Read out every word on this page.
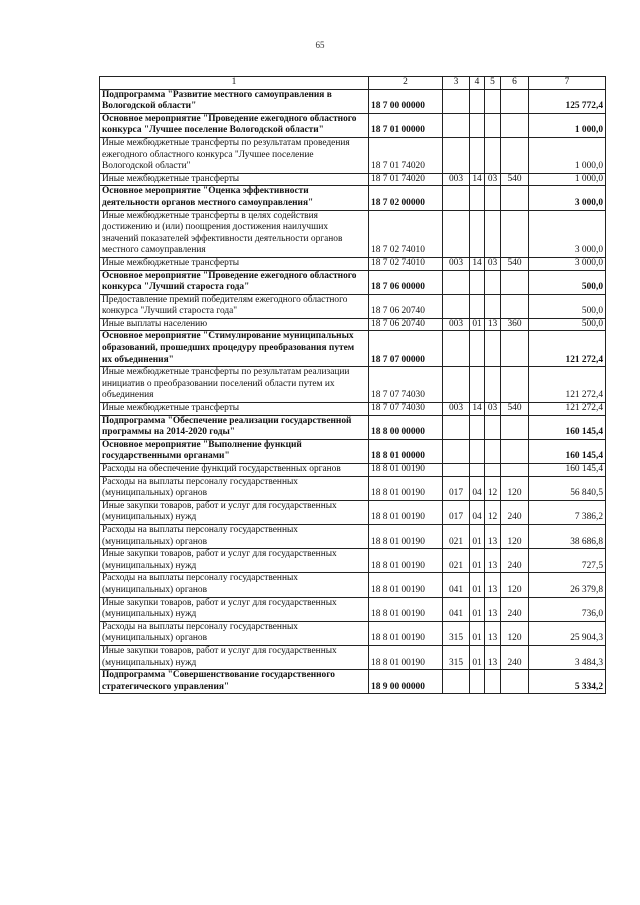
65
1	2	3	4	5	6	7
Подпрограмма "Развитие местного самоуправления в Вологодской области"	18 7 00 00000					125 772,4
Основное мероприятие "Проведение ежегодного областного конкурса "Лучшее поселение Вологодской области"	18 7 01 00000					1 000,0
Иные межбюджетные трансферты по результатам проведения ежегодного областного конкурса "Лучшее поселение Вологодской области"	18 7 01 74020					1 000,0
Иные межбюджетные трансферты	18 7 01 74020	003	14	03	540	1 000,0
Основное мероприятие "Оценка эффективности деятельности органов местного самоуправления"	18 7 02 00000					3 000,0
Иные межбюджетные трансферты в целях содействия достижению и (или) поощрения достижения наилучших значений показателей эффективности деятельности органов местного самоуправления	18 7 02 74010					3 000,0
Иные межбюджетные трансферты	18 7 02 74010	003	14	03	540	3 000,0
Основное мероприятие "Проведение ежегодного областного конкурса "Лучший староста года"	18 7 06 00000					500,0
Предоставление премий победителям ежегодного областного конкурса "Лучший староста года"	18 7 06 20740					500,0
Иные выплаты населению	18 7 06 20740	003	01	13	360	500,0
Основное мероприятие "Стимулирование муниципальных образований, прошедших процедуру преобразования путем их объединения"	18 7 07 00000					121 272,4
Иные межбюджетные трансферты по результатам реализации инициатив о преобразовании поселений области путем их объединения	18 7 07 74030					121 272,4
Иные межбюджетные трансферты	18 7 07 74030	003	14	03	540	121 272,4
Подпрограмма "Обеспечение реализации государственной программы на 2014-2020 годы"	18 8 00 00000					160 145,4
Основное мероприятие "Выполнение функций государственными органами"	18 8 01 00000					160 145,4
Расходы на обеспечение функций государственных органов	18 8 01 00190					160 145,4
Расходы на выплаты персоналу государственных (муниципальных) органов	18 8 01 00190	017	04	12	120	56 840,5
Иные закупки товаров, работ и услуг для государственных (муниципальных) нужд	18 8 01 00190	017	04	12	240	7 386,2
Расходы на выплаты персоналу государственных (муниципальных) органов	18 8 01 00190	021	01	13	120	38 686,8
Иные закупки товаров, работ и услуг для государственных (муниципальных) нужд	18 8 01 00190	021	01	13	240	727,5
Расходы на выплаты персоналу государственных (муниципальных) органов	18 8 01 00190	041	01	13	120	26 379,8
Иные закупки товаров, работ и услуг для государственных (муниципальных) нужд	18 8 01 00190	041	01	13	240	736,0
Расходы на выплаты персоналу государственных (муниципальных) органов	18 8 01 00190	315	01	13	120	25 904,3
Иные закупки товаров, работ и услуг для государственных (муниципальных) нужд	18 8 01 00190	315	01	13	240	3 484,3
Подпрограмма "Совершенствование государственного стратегического управления"	18 9 00 00000					5 334,2
